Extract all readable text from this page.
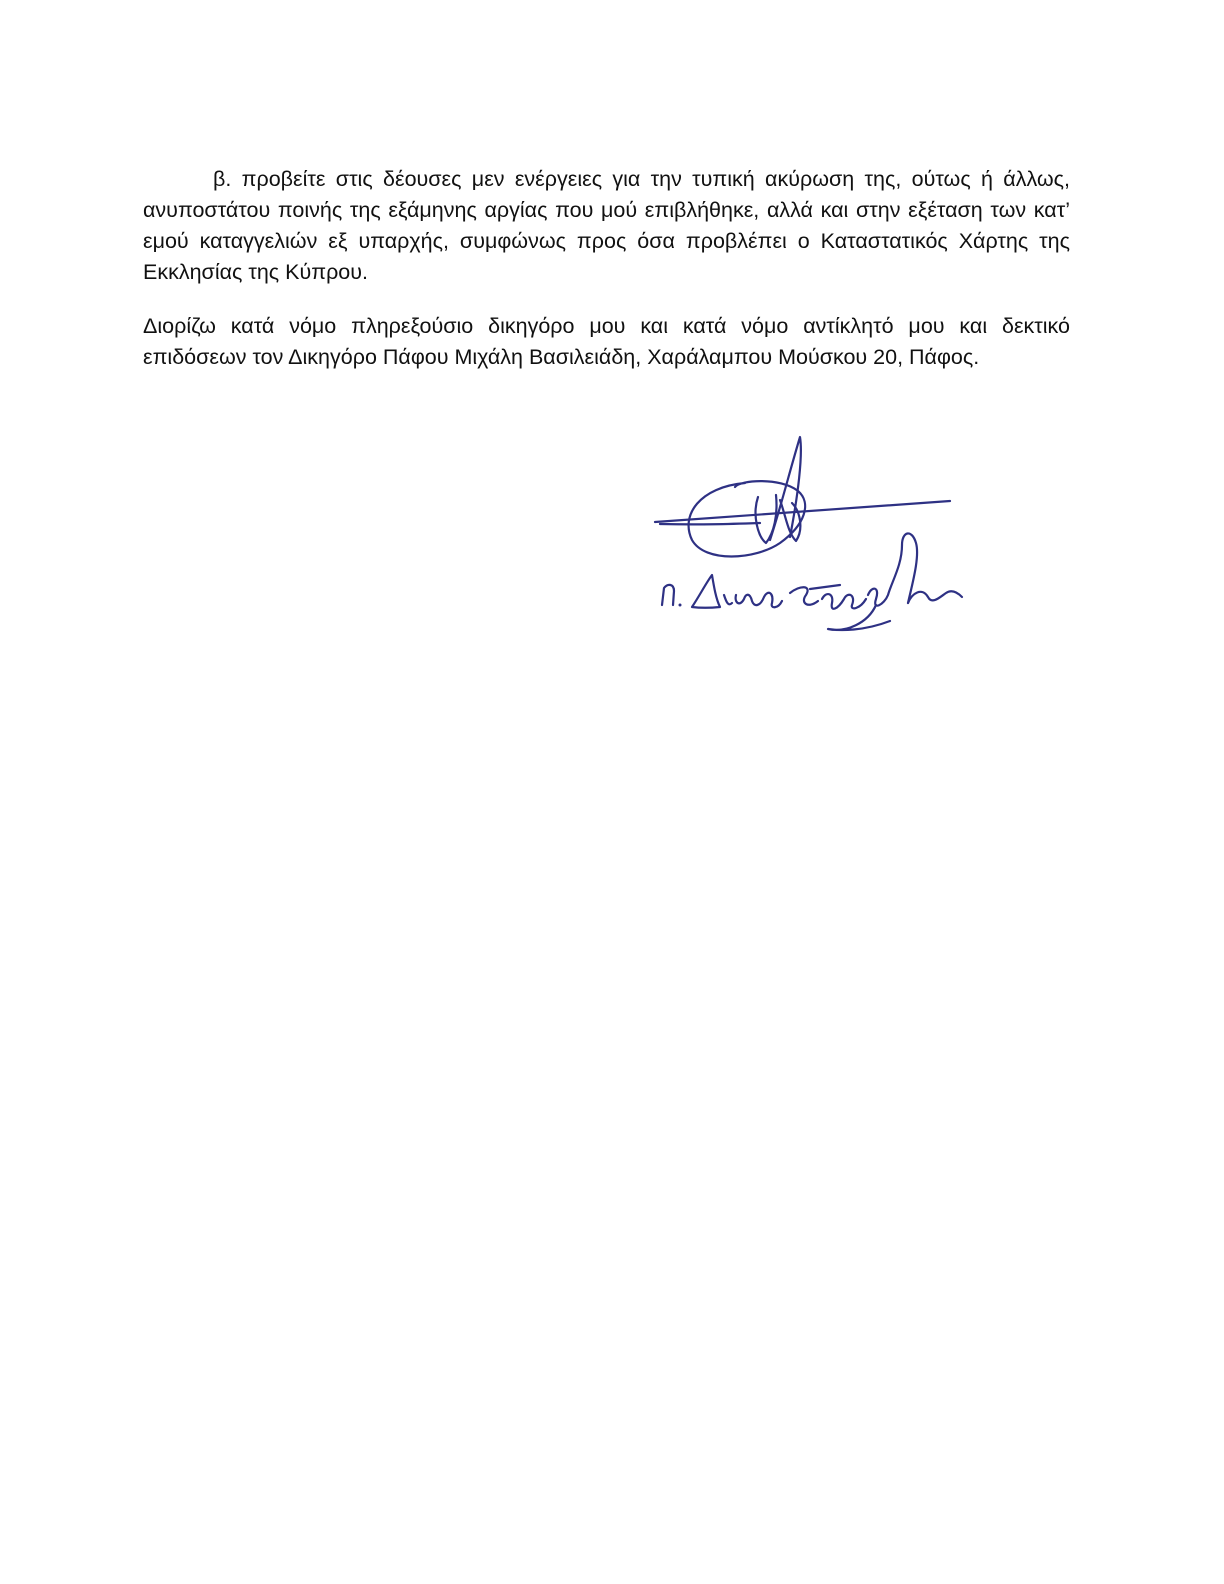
β. προβείτε στις δέουσες μεν ενέργειες για την τυπική ακύρωση της, ούτως ή άλλως, ανυποστάτου ποινής της εξάμηνης αργίας που μού επιβλήθηκε, αλλά και στην εξέταση των κατ’ εμού καταγγελιών εξ υπαρχής, συμφώνως προς όσα προβλέπει ο Καταστατικός Χάρτης της Εκκλησίας της Κύπρου.

Διορίζω κατά νόμο πληρεξούσιο δικηγόρο μου και κατά νόμο αντίκλητό μου και δεκτικό επιδόσεων τον Δικηγόρο Πάφου Μιχάλη Βασιλειάδη, Χαράλαμπου Μούσκου 20, Πάφος.
